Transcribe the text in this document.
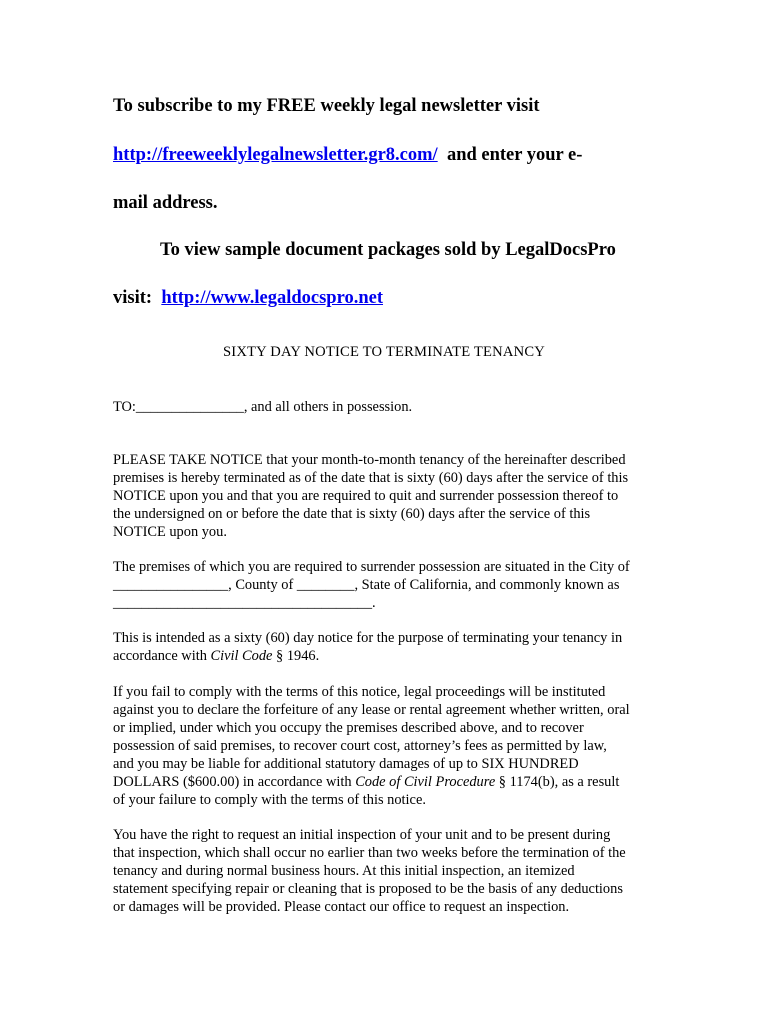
To subscribe to my FREE weekly legal newsletter visit
http://freeweeklylegalnewsletter.gr8.com/  and enter your e-
mail address.
To view sample document packages sold by LegalDocsPro
visit:  http://www.legaldocspro.net
SIXTY DAY NOTICE TO TERMINATE TENANCY
TO:_______________, and all others in possession.
PLEASE TAKE NOTICE that your month-to-month tenancy of the hereinafter described
premises is hereby terminated as of the date that is sixty (60) days after the service of this
NOTICE upon you and that you are required to quit and surrender possession thereof to
the undersigned on or before the date that is sixty (60) days after the service of this
NOTICE upon you.
The premises of which you are required to surrender possession are situated in the City of
________________, County of ________, State of California, and commonly known as
____________________________________.
This is intended as a sixty (60) day notice for the purpose of terminating your tenancy in
accordance with Civil Code § 1946.
If you fail to comply with the terms of this notice, legal proceedings will be instituted
against you to declare the forfeiture of any lease or rental agreement whether written, oral
or implied, under which you occupy the premises described above, and to recover
possession of said premises, to recover court cost, attorney’s fees as permitted by law,
and you may be liable for additional statutory damages of up to SIX HUNDRED
DOLLARS ($600.00) in accordance with Code of Civil Procedure § 1174(b), as a result
of your failure to comply with the terms of this notice.
You have the right to request an initial inspection of your unit and to be present during
that inspection, which shall occur no earlier than two weeks before the termination of the
tenancy and during normal business hours. At this initial inspection, an itemized
statement specifying repair or cleaning that is proposed to be the basis of any deductions
or damages will be provided. Please contact our office to request an inspection.
